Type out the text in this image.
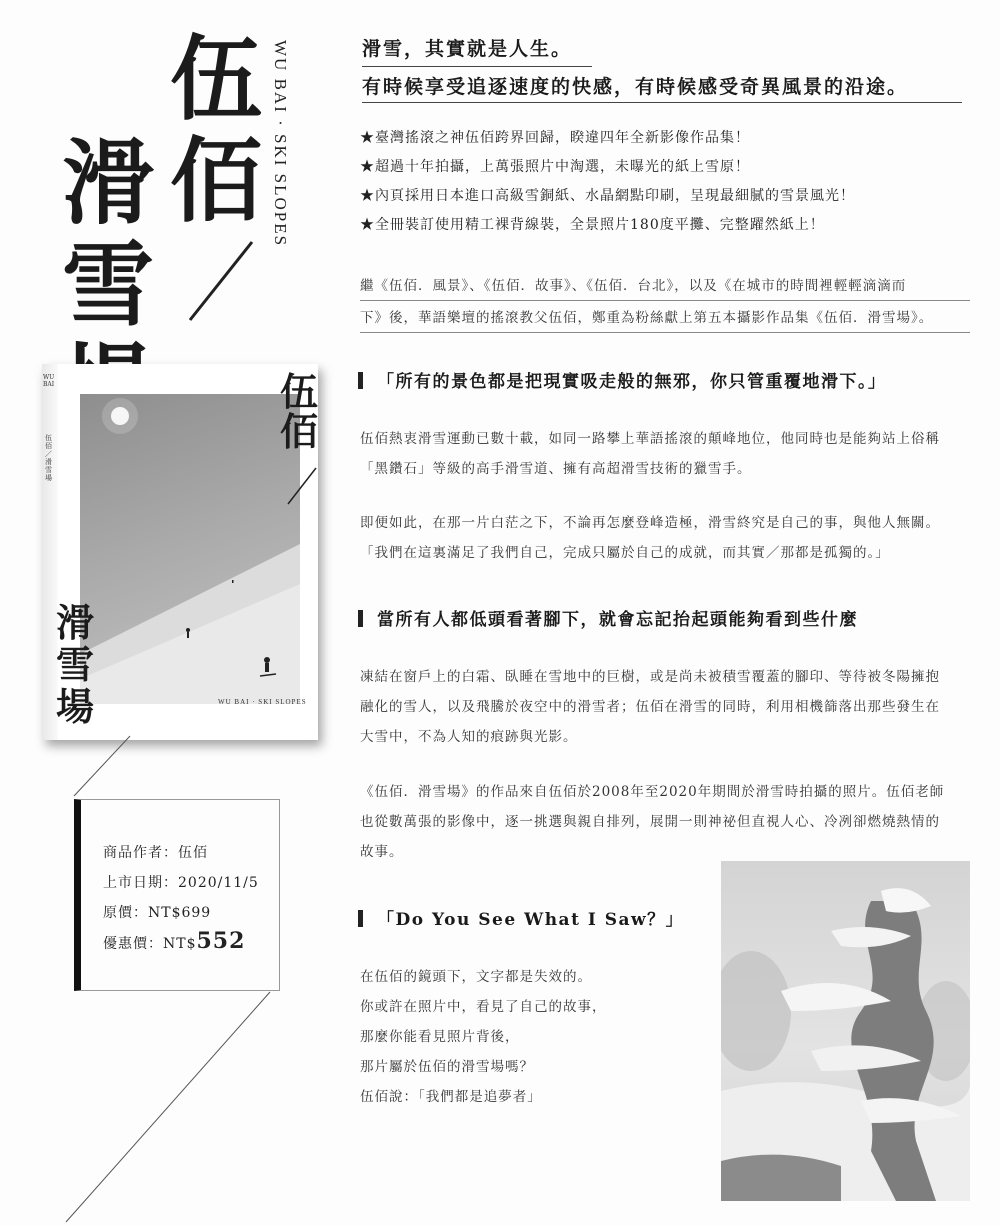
滑
雪
伍
佰 WU BAI · SKI SLOPES	滑雪，其實就是人生。
有時候享受追逐速度的快感，有時候感受奇異風景的沿途。
★臺灣搖滾之神伍佰跨界回歸，睽違四年全新影像作品集！
★超過十年拍攝，上萬張照片中淘選，未曝光的紙上雪原！
★內頁採用日本進口高級雪銅紙、水晶網點印刷，呈現最細膩的雪景風光！
★全冊裝訂使用精工裸背線裝，全景照片180度平攤、完整躍然紙上！
繼《伍佰．風景》、《伍佰．故事》、《伍佰．台北》，以及《在城市的時間裡輕輕滴滴而
下》後，華語樂壇的搖滾教父伍佰，鄭重為粉絲獻上第五本攝影作品集《伍佰．滑雪場》。
WU BAI
伍佰／滑雪場
伍
佰
滑
雪
場	WU BAI · SKI SLOPES
商品作者：伍佰
上市日期：2020/11/5
原價：NT$699
優惠價：NT$552
「所有的景色都是把現實吸走般的無邪，你只管重覆地滑下。」
伍佰熱衷滑雪運動已數十載，如同一路攀上華語搖滾的顛峰地位，他同時也是能夠站上俗稱
「黑鑽石」等級的高手滑雪道、擁有高超滑雪技術的獵雪手。
即便如此，在那一片白茫之下，不論再怎麼登峰造極，滑雪終究是自己的事，與他人無關。
「我們在這裏滿足了我們自己，完成只屬於自己的成就，而其實／那都是孤獨的。」
當所有人都低頭看著腳下，就會忘記抬起頭能夠看到些什麼
凍結在窗戶上的白霜、臥睡在雪地中的巨樹，或是尚未被積雪覆蓋的腳印、等待被冬陽擁抱
融化的雪人，以及飛騰於夜空中的滑雪者；伍佰在滑雪的同時，利用相機篩落出那些發生在
大雪中，不為人知的痕跡與光影。
《伍佰．滑雪場》的作品來自伍佰於2008年至2020年期間於滑雪時拍攝的照片。伍佰老師
也從數萬張的影像中，逐一挑選與親自排列，展開一則神祕但直視人心、冷冽卻燃燒熱情的
故事。
「Do You See What I Saw？」
在伍佰的鏡頭下，文字都是失效的。
你或許在照片中，看見了自己的故事，
那麼你能看見照片背後，
那片屬於伍佰的滑雪場嗎？
伍佰說：「我們都是追夢者」
